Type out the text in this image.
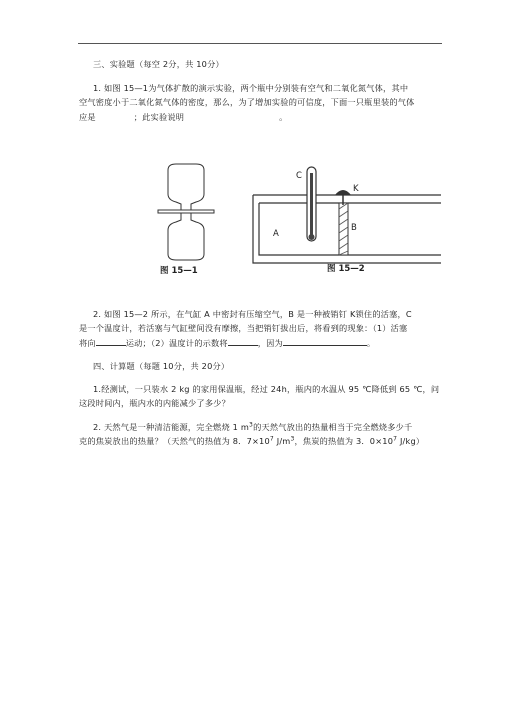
三、实验题（每空 2分，共 10分）
1. 如图 15—1为气体扩散的演示实验，两个瓶中分别装有空气和二氧化氮气体，其中
空气密度小于二氧化氮气体的密度，那么，为了增加实验的可信度，下面一只瓶里装的气体
应是	；此实验说明	。
图 15—1
C
K
A
B
图 15—2
2. 如图 15—2 所示，在气缸 A 中密封有压缩空气，B 是一种被销钉 K锁住的活塞，C
是一个温度计，若活塞与气缸壁间没有摩擦，当把销钉拔出后，将看到的现象：（1）活塞
将向	运动；（2）温度计的示数将	，因为	。
四、计算题（每题 10分，共 20分）
1.经测试，一只装水 2 kg 的家用保温瓶，经过 24h，瓶内的水温从 95 ℃降低到 65 ℃，问
这段时间内，瓶内水的内能减少了多少？
2. 天然气是一种清洁能源，完全燃烧 1 $m^3$的天然气放出的热量相当于完全燃烧多少千
克的焦炭放出的热量？（天然气的热值为 8．$7\times 10^7$ $J/m^3$，焦炭的热值为 3．$0\times 10^7$ J/kg）
